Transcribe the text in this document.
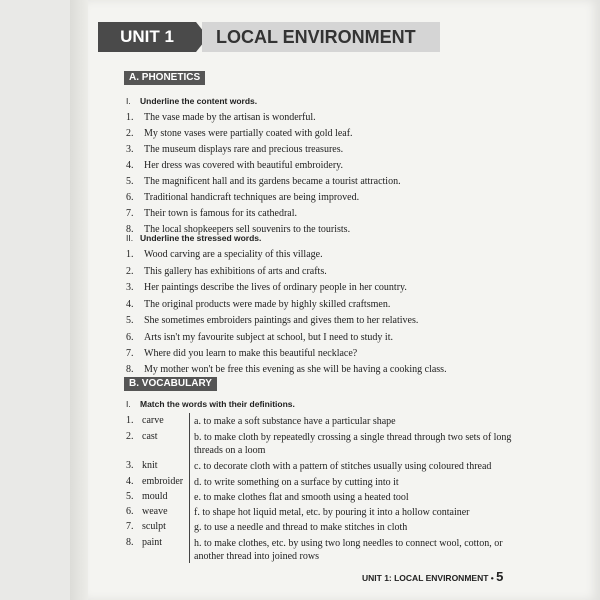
UNIT 1	LOCAL ENVIRONMENT
A. PHONETICS
I. Underline the content words.
1. The vase made by the artisan is wonderful.
2. My stone vases were partially coated with gold leaf.
3. The museum displays rare and precious treasures.
4. Her dress was covered with beautiful embroidery.
5. The magnificent hall and its gardens became a tourist attraction.
6. Traditional handicraft techniques are being improved.
7. Their town is famous for its cathedral.
8. The local shopkeepers sell souvenirs to the tourists.
II. Underline the stressed words.
1. Wood carving are a speciality of this village.
2. This gallery has exhibitions of arts and crafts.
3. Her paintings describe the lives of ordinary people in her country.
4. The original products were made by highly skilled craftsmen.
5. She sometimes embroiders paintings and gives them to her relatives.
6. Arts isn't my favourite subject at school, but I need to study it.
7. Where did you learn to make this beautiful necklace?
8. My mother won't be free this evening as she will be having a cooking class.
B. VOCABULARY
I. Match the words with their definitions.
1. carve	a. to make a soft substance have a particular shape
2. cast	b. to make cloth by repeatedly crossing a single thread through two sets of long threads on a loom
3. knit	c. to decorate cloth with a pattern of stitches usually using coloured thread
4. embroider	d. to write something on a surface by cutting into it
5. mould	e. to make clothes flat and smooth using a heated tool
6. weave	f. to shape hot liquid metal, etc. by pouring it into a hollow container
7. sculpt	g. to use a needle and thread to make stitches in cloth
8. paint	h. to make clothes, etc. by using two long needles to connect wool, cotton, or another thread into joined rows
UNIT 1: LOCAL ENVIRONMENT • 5
